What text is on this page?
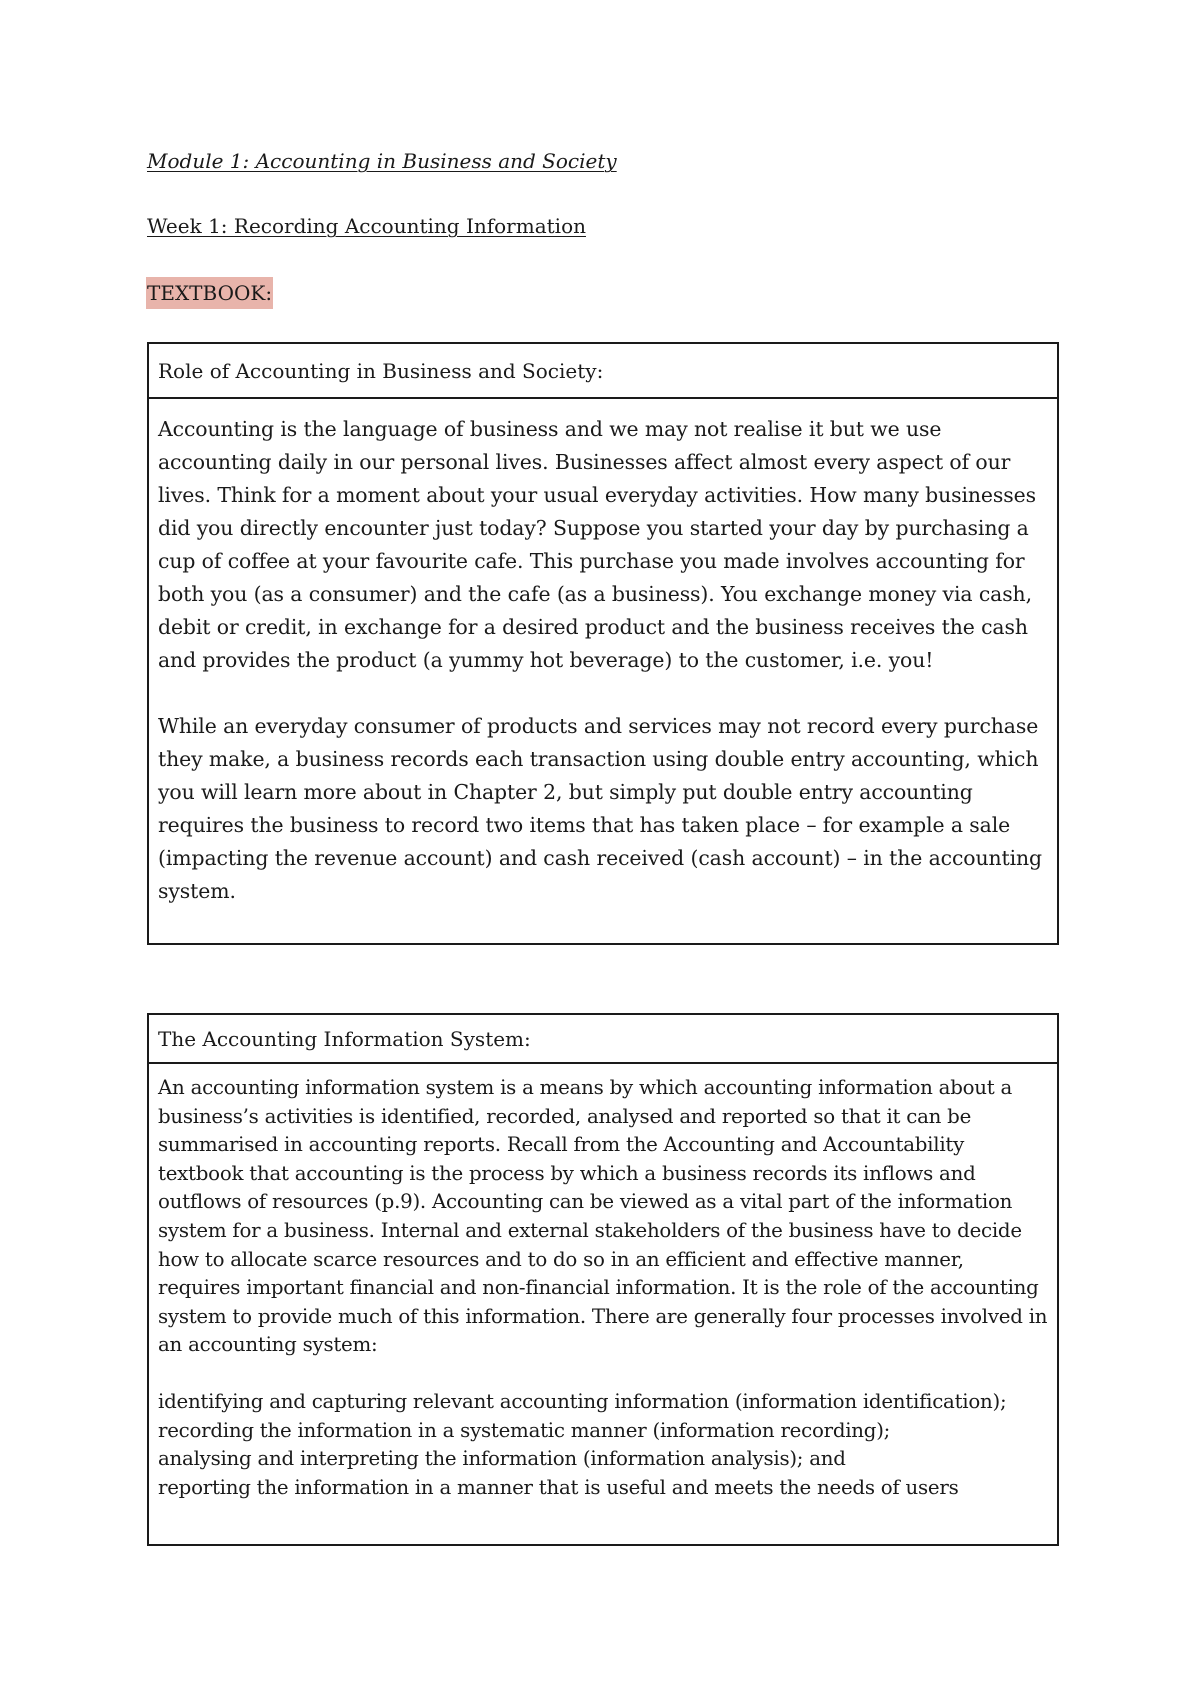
Module 1: Accounting in Business and Society
Week 1: Recording Accounting Information
TEXTBOOK:
Role of Accounting in Business and Society:

Accounting is the language of business and we may not realise it but we use accounting daily in our personal lives. Businesses affect almost every aspect of our lives. Think for a moment about your usual everyday activities. How many businesses did you directly encounter just today? Suppose you started your day by purchasing a cup of coffee at your favourite cafe. This purchase you made involves accounting for both you (as a consumer) and the cafe (as a business). You exchange money via cash, debit or credit, in exchange for a desired product and the business receives the cash and provides the product (a yummy hot beverage) to the customer, i.e. you!

While an everyday consumer of products and services may not record every purchase they make, a business records each transaction using double entry accounting, which you will learn more about in Chapter 2, but simply put double entry accounting requires the business to record two items that has taken place – for example a sale (impacting the revenue account) and cash received (cash account) – in the accounting system.

The Accounting Information System:

An accounting information system is a means by which accounting information about a business’s activities is identified, recorded, analysed and reported so that it can be summarised in accounting reports. Recall from the Accounting and Accountability textbook that accounting is the process by which a business records its inflows and outflows of resources (p.9). Accounting can be viewed as a vital part of the information system for a business. Internal and external stakeholders of the business have to decide how to allocate scarce resources and to do so in an efficient and effective manner, requires important financial and non-financial information. It is the role of the accounting system to provide much of this information. There are generally four processes involved in an accounting system:

identifying and capturing relevant accounting information (information identification);

recording the information in a systematic manner (information recording);

analysing and interpreting the information (information analysis); and

reporting the information in a manner that is useful and meets the needs of users
